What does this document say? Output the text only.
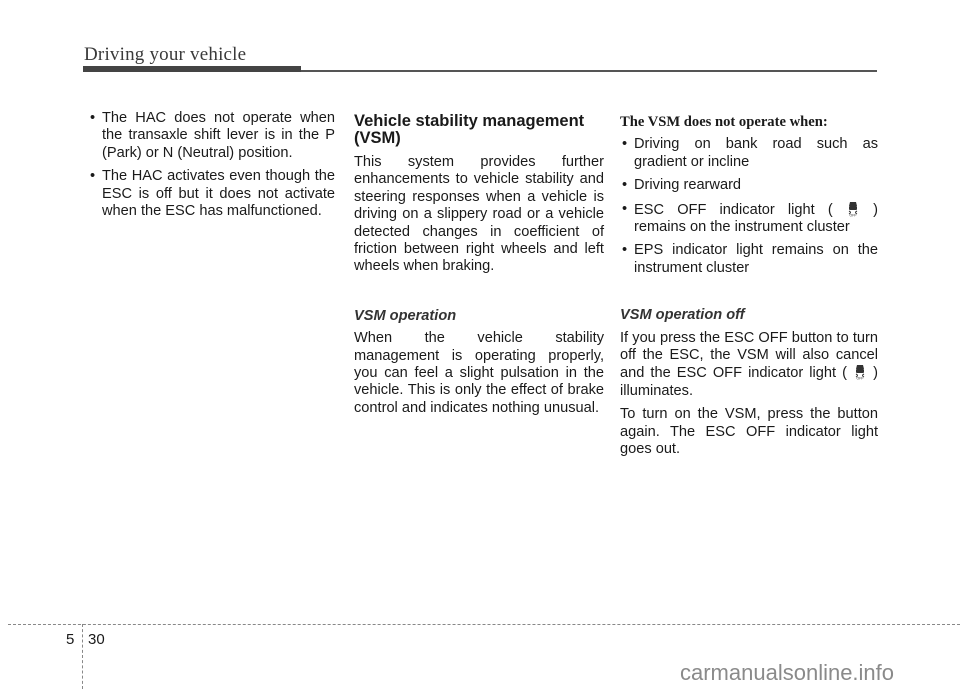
Driving your vehicle
• The HAC does not operate when the transaxle shift lever is in the P (Park) or N (Neutral) position.
• The HAC activates even though the ESC is off but it does not activate when the ESC has malfunctioned.
Vehicle stability management (VSM)

This system provides further enhancements to vehicle stability and steering responses when a vehicle is driving on a slippery road or a vehicle detected changes in coefficient of friction between right wheels and left wheels when braking.

VSM operation

When the vehicle stability management is operating properly, you can feel a slight pulsation in the vehicle. This is only the effect of brake control and indicates nothing unusual.

The VSM does not operate when:
• Driving on bank road such as gradient or incline
• Driving rearward
• ESC OFF indicator light (	OFF ) remains on the instrument cluster
• EPS indicator light remains on the instrument cluster
VSM operation off

If you press the ESC OFF button to turn off the ESC, the VSM will also cancel and the ESC OFF indicator light (	OFF ) illuminates.

To turn on the VSM, press the button again. The ESC OFF indicator light goes out.

5 30
carmanualsonline.info
